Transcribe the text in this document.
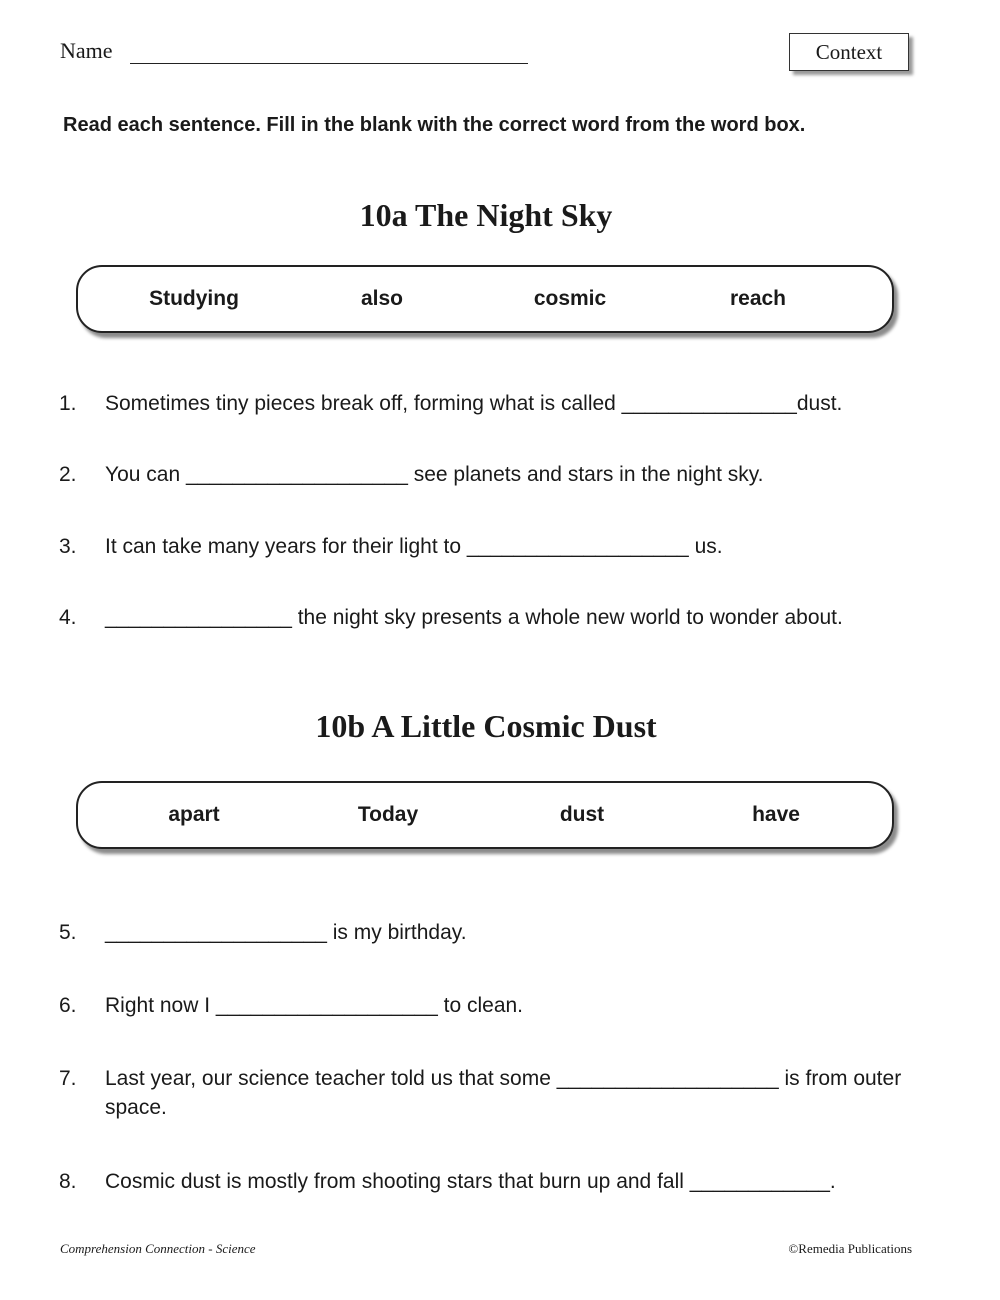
Name	Context
Read each sentence. Fill in the blank with the correct word from the word box.
10a The Night Sky
Studying	also	cosmic	reach
1. Sometimes tiny pieces break off, forming what is called _______________dust.
2. You can ___________________ see planets and stars in the night sky.
3. It can take many years for their light to ___________________ us.
4. ________________ the night sky presents a whole new world to wonder about.
10b A Little Cosmic Dust
apart	Today	dust	have
5. ___________________ is my birthday.
6. Right now I ___________________ to clean.
7. Last year, our science teacher told us that some ___________________ is from outer space.
8. Cosmic dust is mostly from shooting stars that burn up and fall ____________.
Comprehension Connection - Science	©Remedia Publications
